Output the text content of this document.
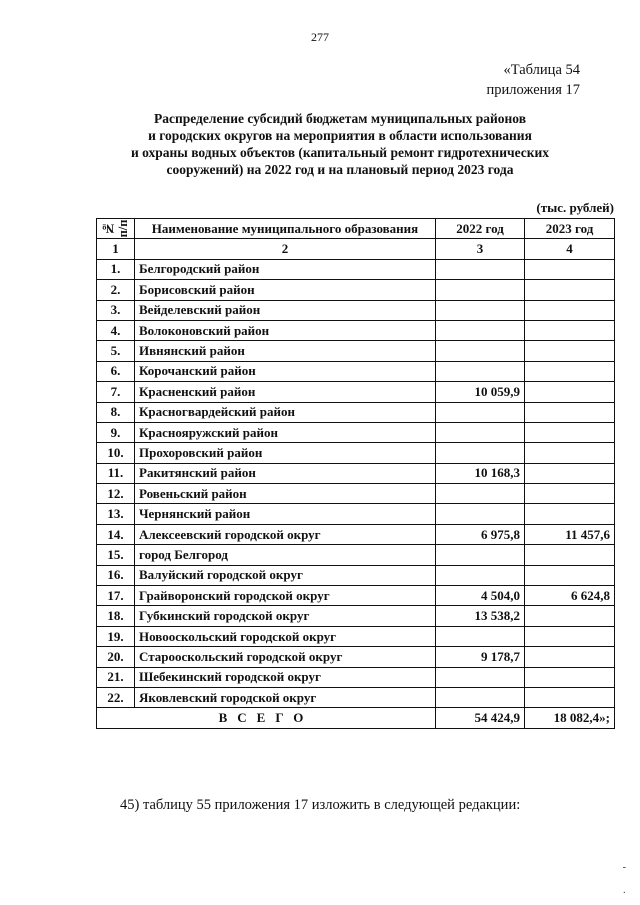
277
«Таблица 54
приложения 17
Распределение субсидий бюджетам муниципальных районов
и городских округов на мероприятия в области использования
и охраны водных объектов (капитальный ремонт гидротехнических
сооружений) на 2022 год и на плановый период 2023 года
(тыс. рублей)
№ п/п	Наименование муниципального образования	2022 год	2023 год
1	2	3	4
1.	Белгородский район		
2.	Борисовский район		
3.	Вейделевский район		
4.	Волоконовский район		
5.	Ивнянский район		
6.	Корочанский район		
7.	Красненский район	10 059,9	
8.	Красногвардейский район		
9.	Краснояружский район		
10.	Прохоровский район		
11.	Ракитянский район	10 168,3	
12.	Ровеньский район		
13.	Чернянский район		
14.	Алексеевский городской округ	6 975,8	11 457,6
15.	город Белгород		
16.	Валуйский городской округ		
17.	Грайворонский городской округ	4 504,0	6 624,8
18.	Губкинский городской округ	13 538,2	
19.	Новооскольский городской округ		
20.	Старооскольский городской округ	9 178,7	
21.	Шебекинский городской округ		
22.	Яковлевский городской округ		
ВСЕГО		54 424,9	18 082,4»;
45) таблицу 55 приложения 17 изложить в следующей редакции:
-
·
